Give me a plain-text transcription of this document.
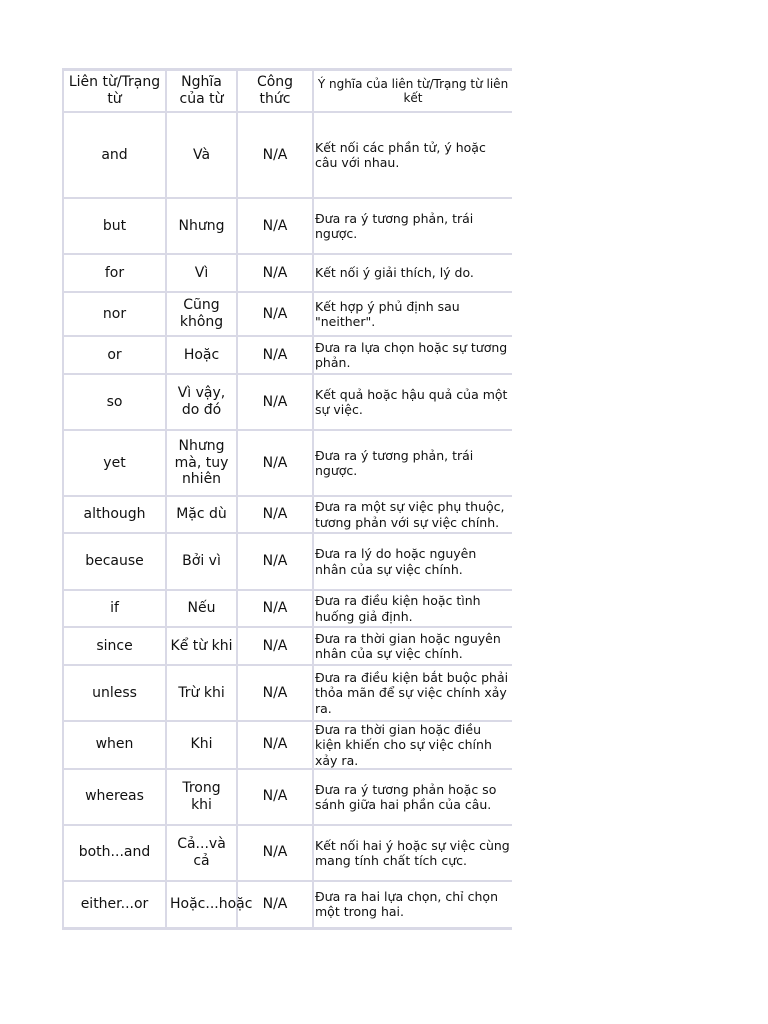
Liên từ/Trạng từ	Nghĩa của từ	Công thức	Ý nghĩa của liên từ/Trạng từ liên kết
and	Và	N/A	Kết nối các phần tử, ý hoặc câu với nhau.
but	Nhưng	N/A	Đưa ra ý tương phản, trái ngược.
for	Vì	N/A	Kết nối ý giải thích, lý do.
nor	Cũng không	N/A	Kết hợp ý phủ định sau "neither".
or	Hoặc	N/A	Đưa ra lựa chọn hoặc sự tương phản.
so	Vì vậy, do đó	N/A	Kết quả hoặc hậu quả của một sự việc.
yet	Nhưng mà, tuy nhiên	N/A	Đưa ra ý tương phản, trái ngược.
although	Mặc dù	N/A	Đưa ra một sự việc phụ thuộc, tương phản với sự việc chính.
because	Bởi vì	N/A	Đưa ra lý do hoặc nguyên nhân của sự việc chính.
if	Nếu	N/A	Đưa ra điều kiện hoặc tình huống giả định.
since	Kể từ khi	N/A	Đưa ra thời gian hoặc nguyên nhân của sự việc chính.
unless	Trừ khi	N/A	Đưa ra điều kiện bắt buộc phải thỏa mãn để sự việc chính xảy ra.
when	Khi	N/A	Đưa ra thời gian hoặc điều kiện khiến cho sự việc chính xảy ra.
whereas	Trong khi	N/A	Đưa ra ý tương phản hoặc so sánh giữa hai phần của câu.
both...and	Cả...và cả	N/A	Kết nối hai ý hoặc sự việc cùng mang tính chất tích cực.
either...or	Hoặc...hoặc	N/A	Đưa ra hai lựa chọn, chỉ chọn một trong hai.
